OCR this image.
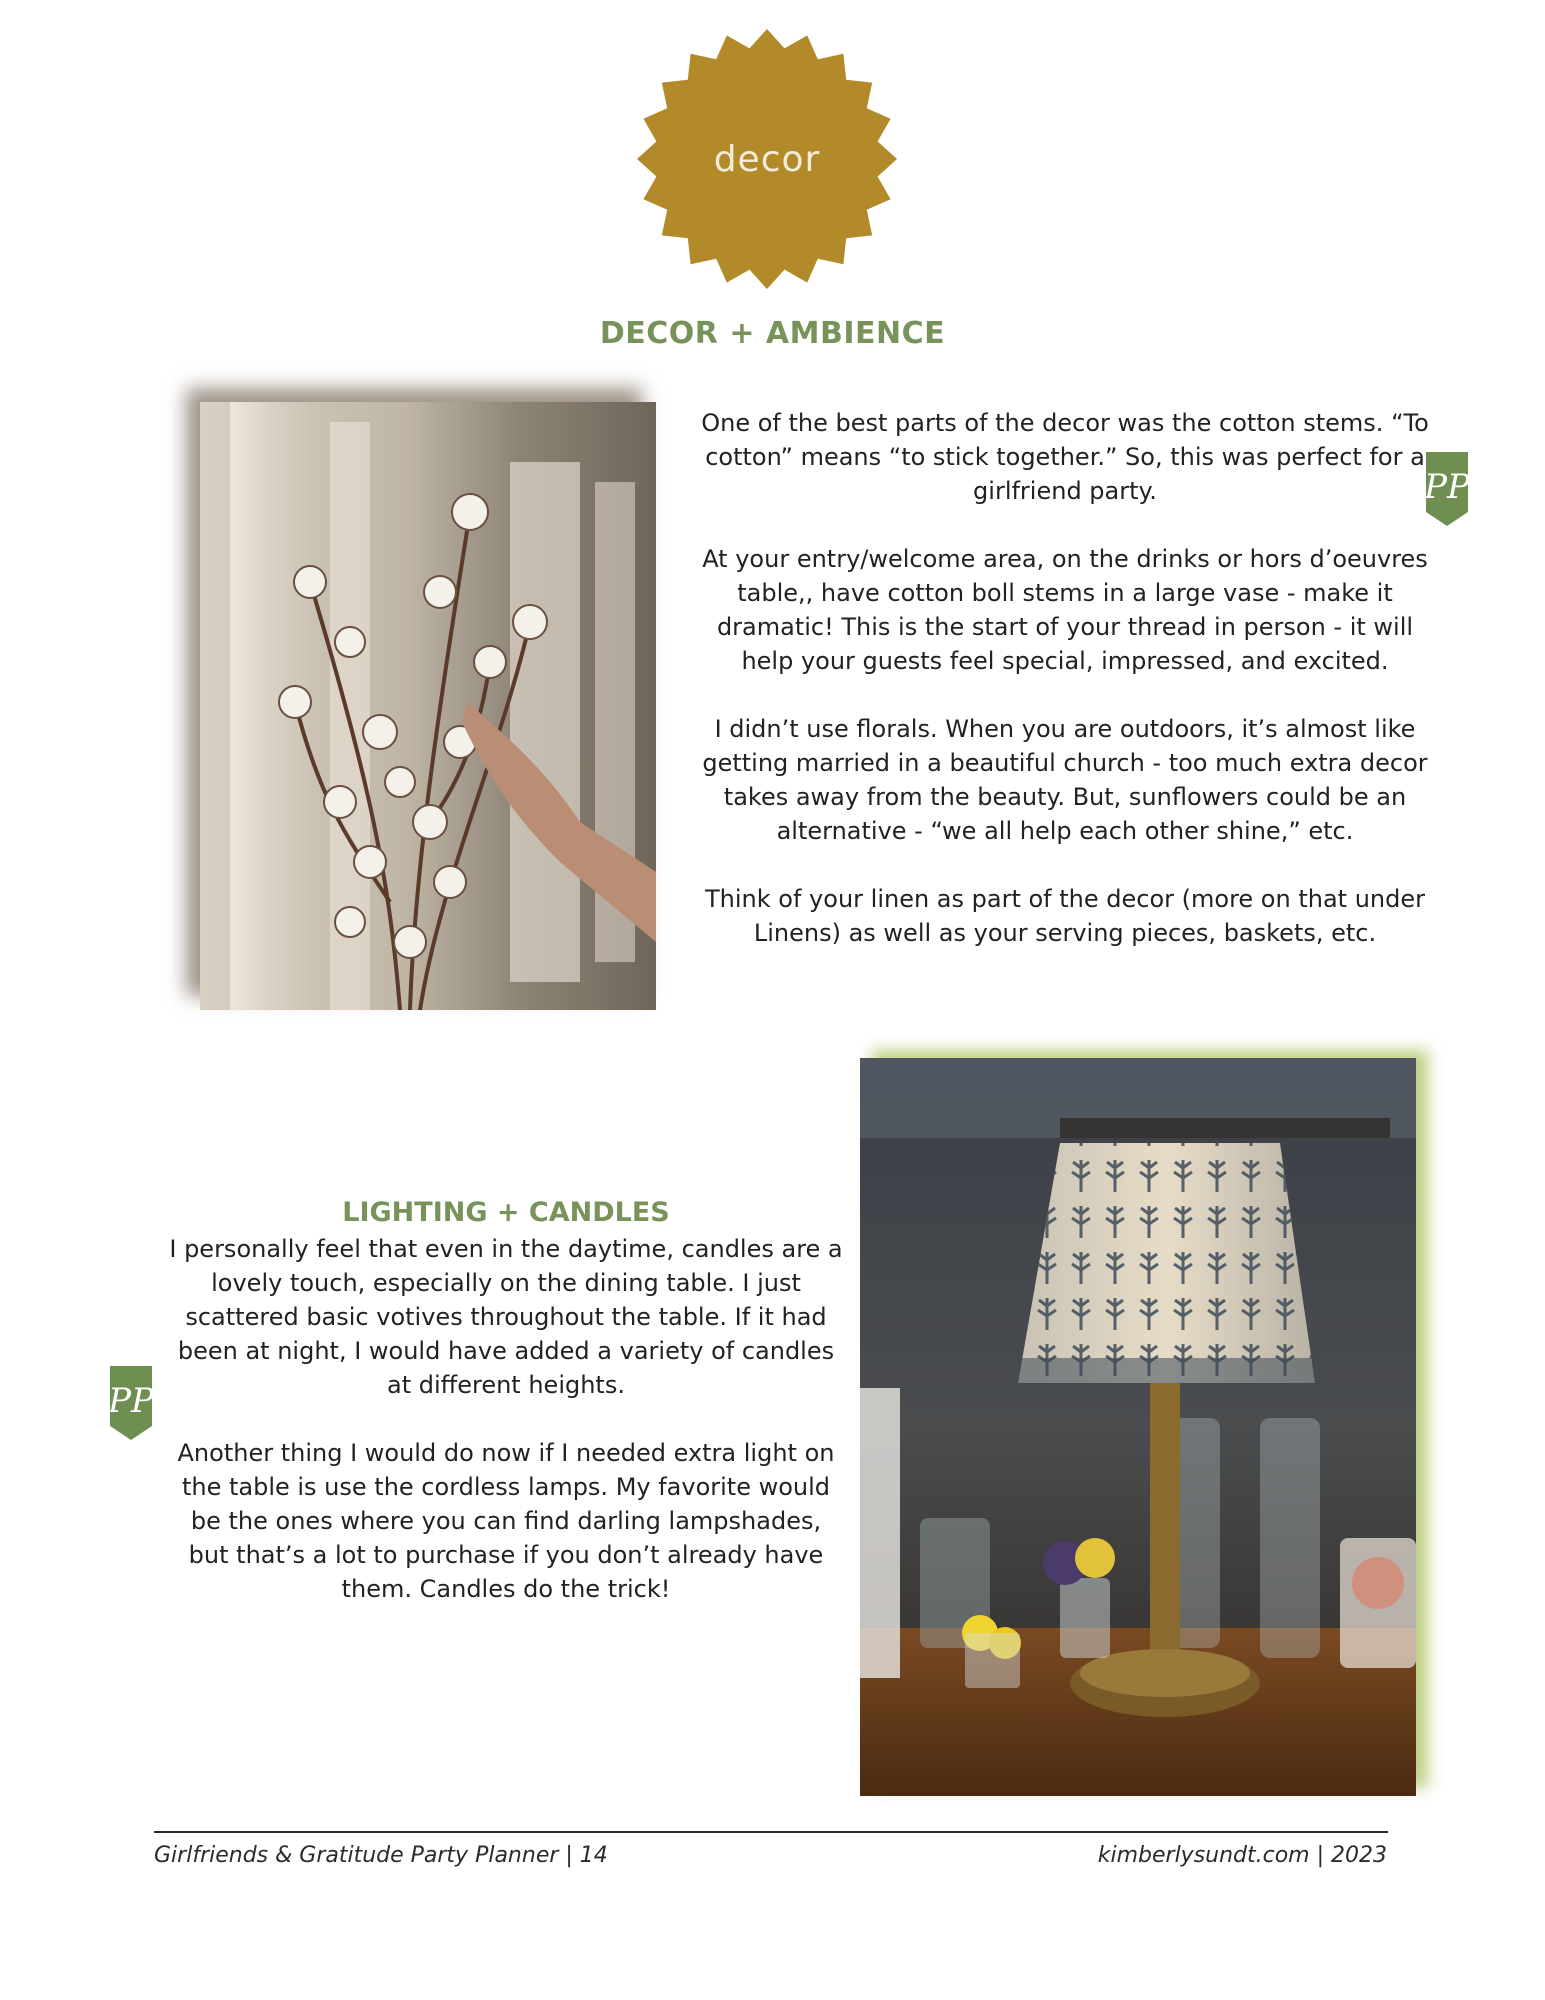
decor
DECOR + AMBIENCE

One of the best parts of the decor was the cotton stems. “To cotton” means “to stick together.” So, this was perfect for a girlfriend party.

At your entry/welcome area, on the drinks or hors d’oeuvres table,, have cotton boll stems in a large vase - make it dramatic! This is the start of your thread in person - it will help your guests feel special, impressed, and excited.

I didn’t use florals. When you are outdoors, it’s almost like getting married in a beautiful church - too much extra decor takes away from the beauty. But, sunflowers could be an alternative - “we all help each other shine,” etc.

Think of your linen as part of the decor (more on that under Linens) as well as your serving pieces, baskets, etc.

PP
LIGHTING + CANDLES

I personally feel that even in the daytime, candles are a lovely touch, especially on the dining table. I just scattered basic votives throughout the table. If it had been at night, I would have added a variety of candles at different heights.

Another thing I would do now if I needed extra light on the table is use the cordless lamps. My favorite would be the ones where you can find darling lampshades, but that’s a lot to purchase if you don’t already have them. Candles do the trick!

PP
Girlfriends & Gratitude Party Planner | 14	kimberlysundt.com | 2023
